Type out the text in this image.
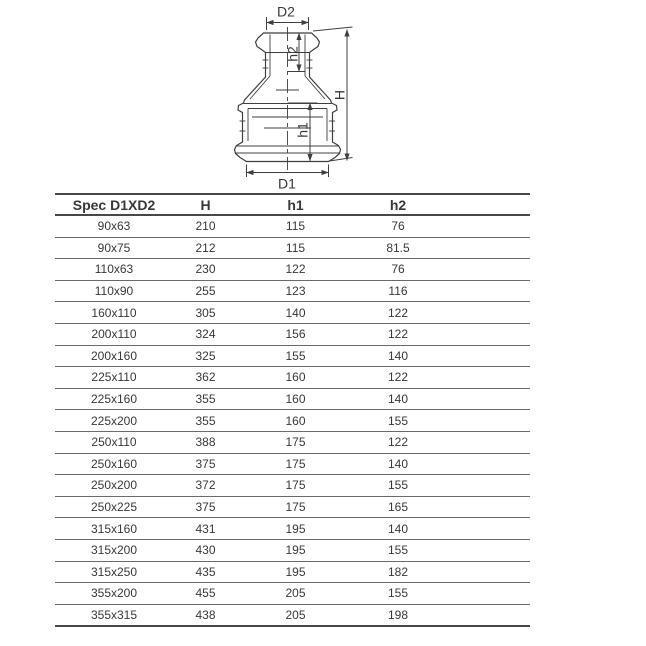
D2
h2
h1
H
D1
Spec D1XD2	H	h1	h2	
90x63	210	115	76	
90x75	212	115	81.5	
110x63	230	122	76	
110x90	255	123	116	
160x110	305	140	122	
200x110	324	156	122	
200x160	325	155	140	
225x110	362	160	122	
225x160	355	160	140	
225x200	355	160	155	
250x110	388	175	122	
250x160	375	175	140	
250x200	372	175	155	
250x225	375	175	165	
315x160	431	195	140	
315x200	430	195	155	
315x250	435	195	182	
355x200	455	205	155	
355x315	438	205	198	
